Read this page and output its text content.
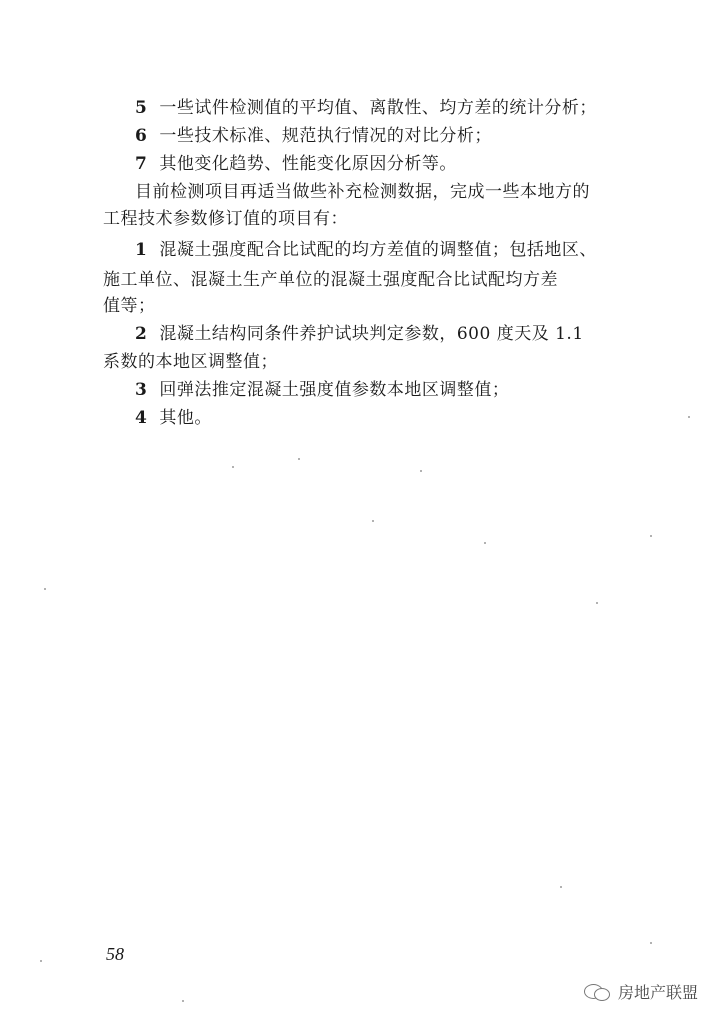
5 一些试件检测值的平均值、离散性、均方差的统计分析；
6 一些技术标准、规范执行情况的对比分析；
7 其他变化趋势、性能变化原因分析等。
目前检测项目再适当做些补充检测数据，完成一些本地方的
工程技术参数修订值的项目有：
1 混凝土强度配合比试配的均方差值的调整值；包括地区、
施工单位、混凝土生产单位的混凝土强度配合比试配均方差
值等；
2 混凝土结构同条件养护试块判定参数，600 度天及 1.1
系数的本地区调整值；
3 回弹法推定混凝土强度值参数本地区调整值；
4 其他。
58
房地产联盟
